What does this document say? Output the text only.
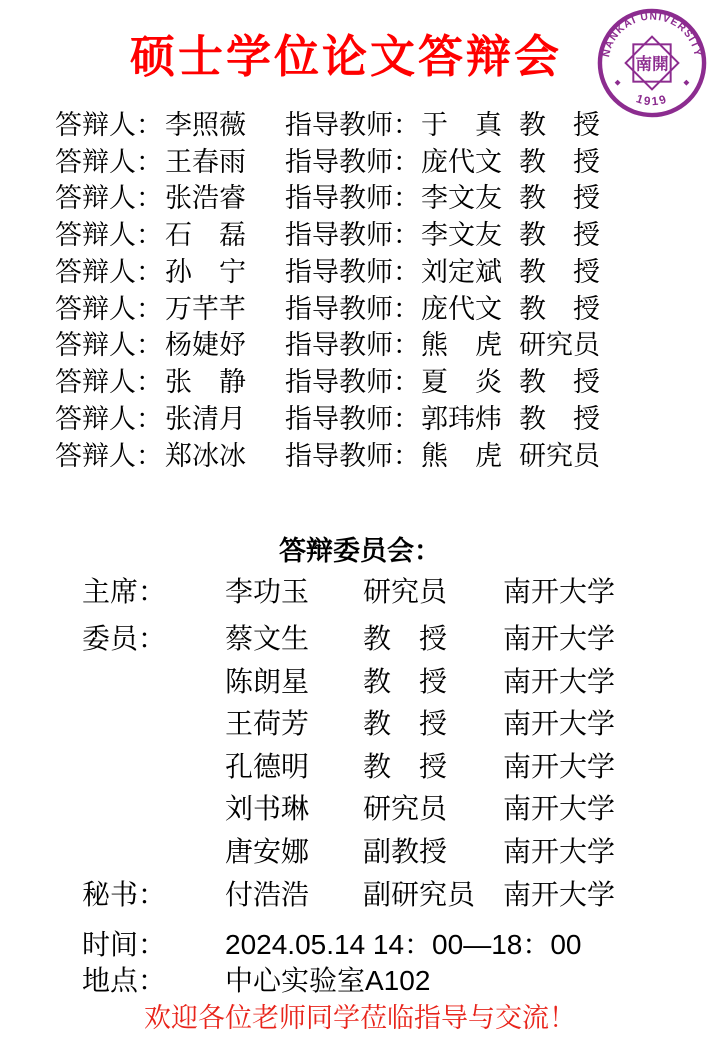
硕士学位论文答辩会	NANKAI UNIVERSITY
1919
南開
答辩人： 李照薇	指导教师： 于　真 教　授
答辩人： 王春雨	指导教师： 庞代文 教　授
答辩人： 张浩睿	指导教师： 李文友 教　授
答辩人： 石　磊	指导教师： 李文友 教　授
答辩人： 孙　宁	指导教师： 刘定斌 教　授
答辩人： 万芊芊	指导教师： 庞代文 教　授
答辩人： 杨婕妤	指导教师： 熊　虎 研究员
答辩人： 张　静	指导教师： 夏　炎 教　授
答辩人： 张清月	指导教师： 郭玮炜 教　授
答辩人： 郑冰冰	指导教师： 熊　虎 研究员
答辩委员会：
主席：	李功玉	研究员	南开大学
委员：	蔡文生	教　授	南开大学
陈朗星	教　授	南开大学
王荷芳	教　授	南开大学
孔德明	教　授	南开大学
刘书琳	研究员	南开大学
唐安娜	副教授	南开大学
秘书：	付浩浩	副研究员 南开大学
时间：	2024.05.14 14：00—18：00
地点：	中心实验室A102
欢迎各位老师同学莅临指导与交流！
